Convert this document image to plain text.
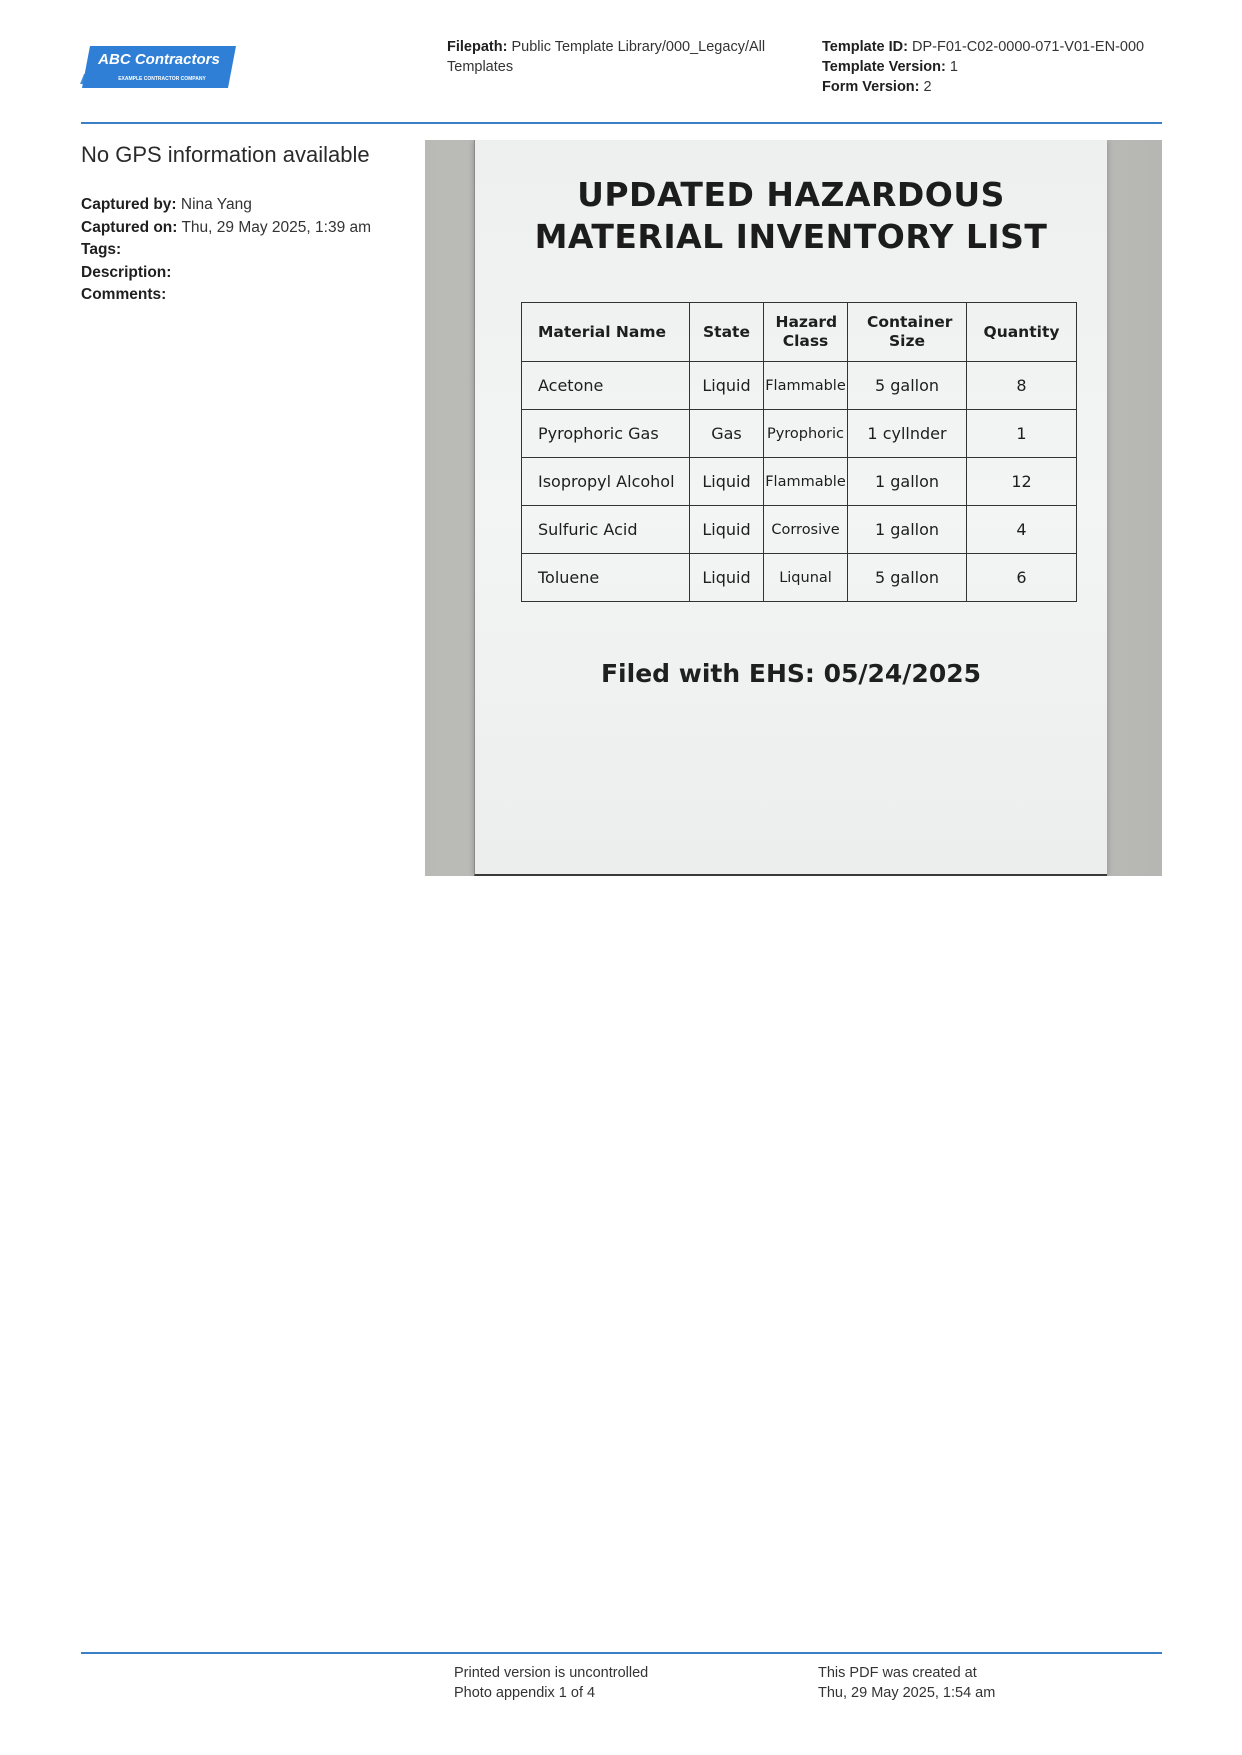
ABC Contractors
EXAMPLE CONTRACTOR COMPANY
Filepath: Public Template Library/000_Legacy/All Templates
Template ID: DP-F01-C02-0000-071-V01-EN-000
Template Version: 1
Form Version: 2
No GPS information available
Captured by: Nina Yang
Captured on: Thu, 29 May 2025, 1:39 am
Tags:
Description:
Comments:
UPDATED HAZARDOUS
MATERIAL INVENTORY LIST
Material Name	State	Hazard Class	Container Size	Quantity
Acetone	Liquid	Flammable	5 gallon	8
Pyrophoric Gas	Gas	Pyrophoric	1 cyllnder	1
Isopropyl Alcohol	Liquid	Flammable	1 gallon	12
Sulfuric Acid	Liquid	Corrosive	1 gallon	4
Toluene	Liquid	Liqunal	5 gallon	6
Filed with EHS: 05/24/2025
Printed version is uncontrolled
Photo appendix 1 of 4
This PDF was created at
Thu, 29 May 2025, 1:54 am
